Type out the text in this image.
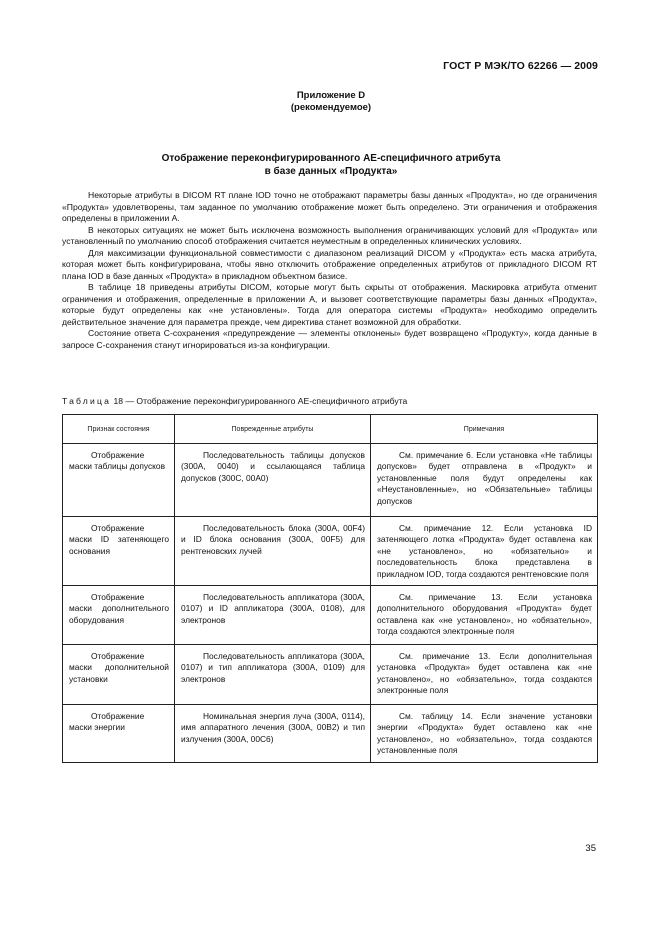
ГОСТ Р МЭК/ТО 62266 — 2009
Приложение D
(рекомендуемое)
Отображение переконфигурированного АЕ-специфичного атрибута
в базе данных «Продукта»

Некоторые атрибуты в DICOM RT плане IOD точно не отображают параметры базы данных «Продукта», но где ограничения «Продукта» удовлетворены, там заданное по умолчанию отображение может быть определено. Эти ограничения и отображения определены в приложении А.

В некоторых ситуациях не может быть исключена возможность выполнения ограничивающих условий для «Продукта» или установленный по умолчанию способ отображения считается неуместным в определенных клинических условиях.

Для максимизации функциональной совместимости с диапазоном реализаций DICOM у «Продукта» есть маска атрибута, которая может быть конфигурирована, чтобы явно отключить отображение определенных атрибутов от прикладного DICOM RT плана IOD в базе данных «Продукта» в прикладном объектном базисе.

В таблице 18 приведены атрибуты DICOM, которые могут быть скрыты от отображения. Маскировка атрибута отменит ограничения и отображения, определенные в приложении А, и вызовет соответствующие параметры базы данных «Продукта», которые будут определены как «не установлены». Тогда для оператора системы «Продукта» необходимо определить действительное значение для параметра прежде, чем директива станет возможной для обработки.

Состояние ответа С-сохранения «предупреждение — элементы отклонены» будет возвращено «Продукту», когда данные в запросе С-сохранения станут игнорироваться из-за конфигурации.

Таблица 18 — Отображение переконфигурированного АЕ-специфичного атрибута
Признак состояния	Поврежденные атрибуты	Примечания

Отображение маски таблицы допусков	Последовательность таблицы допусков (300А, 0040) и ссылающаяся таблица допусков (300С, 00А0)	См. примечание 6. Если установка «Не таблицы допусков» будет отправлена в «Продукт» и установленные поля будут определены как «Неустановленные», но «Обязательные» таблицы допусков

Отображение маски ID затеняющего основания	Последовательность блока (300А, 00F4) и ID блока основания (300А, 00F5) для рентгеновских лучей	См. примечание 12. Если установка ID затеняющего лотка «Продукта» будет оставлена как «не установлено», но «обязательно» и последовательность блока представлена в прикладном IOD, тогда создаются рентгеновские поля

Отображение маски дополнительного оборудования	Последовательность аппликатора (300А, 0107) и ID аппликатора (300А, 0108), для электронов	См. примечание 13. Если установка дополнительного оборудования «Продукта» будет оставлена как «не установлено», но «обязательно», тогда создаются электронные поля

Отображение маски дополнительной установки	Последовательность аппликатора (300А, 0107) и тип аппликатора (300А, 0109) для электронов	См. примечание 13. Если дополнительная установка «Продукта» будет оставлена как «не установлено», но «обязательно», тогда создаются электронные поля

Отображение маски энергии	Номинальная энергия луча (300А, 0114), имя аппаратного лечения (300А, 00В2) и тип излучения (300А, 00С6)	См. таблицу 14. Если значение установки энергии «Продукта» будет оставлено как «не установлено», но «обязательно», тогда создаются установленные поля
35
